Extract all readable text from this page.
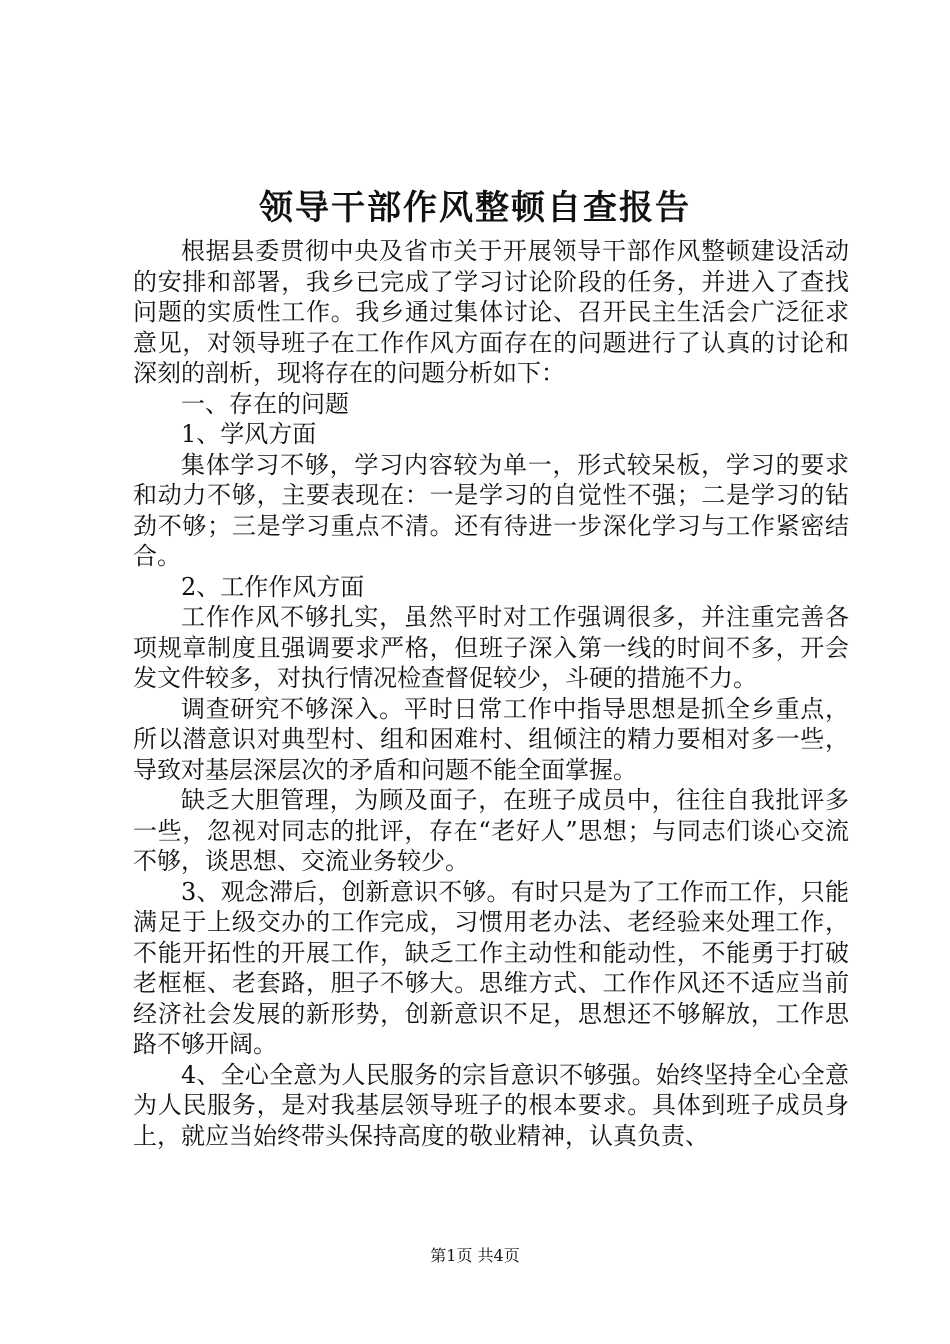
领导干部作风整顿自查报告

根据县委贯彻中央及省市关于开展领导干部作风整顿建设活动的安排和部署，我乡已完成了学习讨论阶段的任务，并进入了查找问题的实质性工作。我乡通过集体讨论、召开民主生活会广泛征求意见，对领导班子在工作作风方面存在的问题进行了认真的讨论和深刻的剖析，现将存在的问题分析如下：

一、存在的问题

1、学风方面

集体学习不够，学习内容较为单一，形式较呆板，学习的要求和动力不够，主要表现在：一是学习的自觉性不强；二是学习的钻劲不够；三是学习重点不清。还有待进一步深化学习与工作紧密结合。

2、工作作风方面

工作作风不够扎实，虽然平时对工作强调很多，并注重完善各项规章制度且强调要求严格，但班子深入第一线的时间不多，开会发文件较多，对执行情况检查督促较少，斗硬的措施不力。

调查研究不够深入。平时日常工作中指导思想是抓全乡重点，所以潜意识对典型村、组和困难村、组倾注的精力要相对多一些，导致对基层深层次的矛盾和问题不能全面掌握。

缺乏大胆管理，为顾及面子，在班子成员中，往往自我批评多一些，忽视对同志的批评，存在“老好人”思想；与同志们谈心交流不够，谈思想、交流业务较少。

3、观念滞后，创新意识不够。有时只是为了工作而工作，只能满足于上级交办的工作完成，习惯用老办法、老经验来处理工作，不能开拓性的开展工作，缺乏工作主动性和能动性，不能勇于打破老框框、老套路，胆子不够大。思维方式、工作作风还不适应当前经济社会发展的新形势，创新意识不足，思想还不够解放，工作思路不够开阔。

4、全心全意为人民服务的宗旨意识不够强。始终坚持全心全意为人民服务，是对我基层领导班子的根本要求。具体到班子成员身上，就应当始终带头保持高度的敬业精神，认真负责、

第1页 共4页
